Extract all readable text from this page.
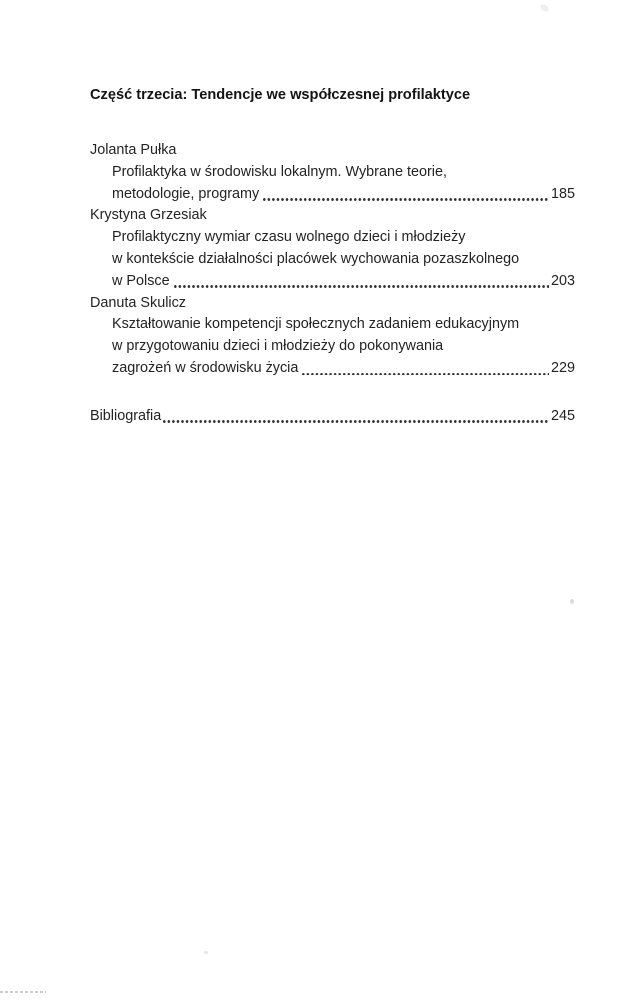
Część trzecia: Tendencje we współczesnej profilaktyce
Jolanta Pułka
Profilaktyka w środowisku lokalnym. Wybrane teorie,
metodologie, programy	185
Krystyna Grzesiak
Profilaktyczny wymiar czasu wolnego dzieci i młodzieży
w kontekście działalności placówek wychowania pozaszkolnego
w Polsce	203
Danuta Skulicz
Kształtowanie kompetencji społecznych zadaniem edukacyjnym
w przygotowaniu dzieci i młodzieży do pokonywania
zagrożeń w środowisku życia	229
Bibliografia	245
